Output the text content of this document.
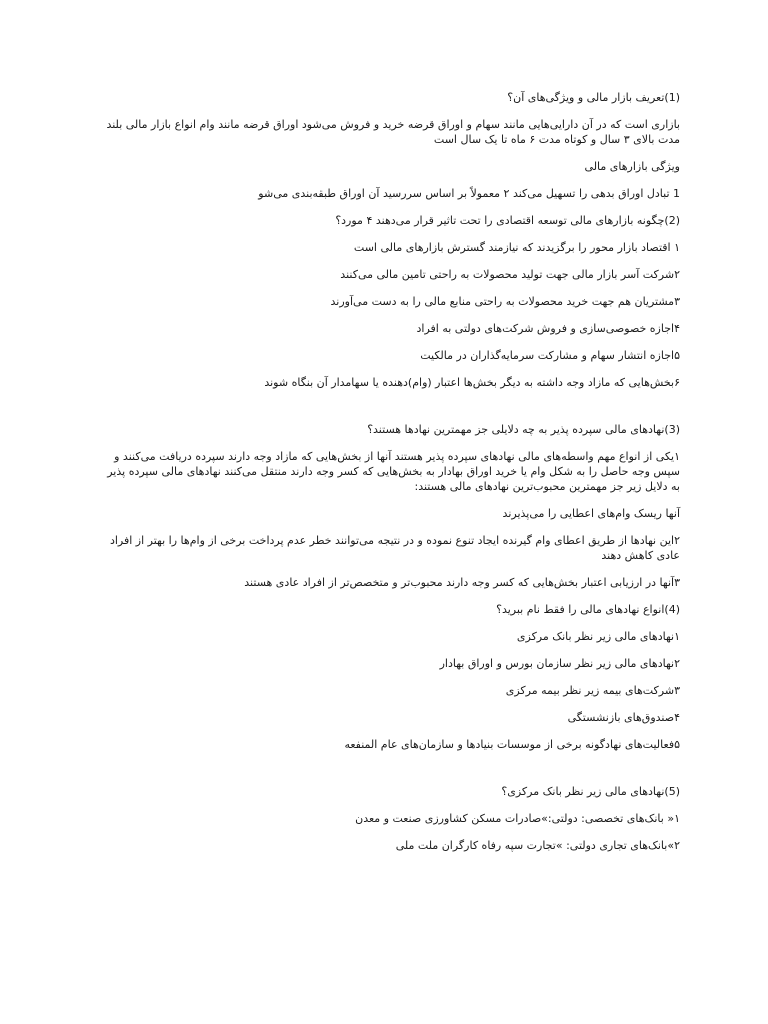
(1)تعریف بازار مالی و ویژگی‌های آن؟

بازاری است که در آن دارایی‌هایی مانند سهام و اوراق قرضه خرید و فروش می‌شود اوراق قرضه مانند وام انواع بازار مالی بلند مدت بالای ۳ سال و کوتاه مدت ۶ ماه تا یک سال است

ویژگی بازارهای مالی

1 تبادل اوراق بدهی را تسهیل می‌کند ۲ معمولاً بر اساس سررسید آن اوراق طبقه‌بندی می‌شو

(2)چگونه بازارهای مالی توسعه اقتصادی را تحت تاثیر قرار می‌دهند ۴ مورد؟

۱ اقتصاد بازار محور را برگزیدند که نیازمند گسترش بازارهای مالی است

۲شرکت آسر بازار مالی جهت تولید محصولات به راحتی تامین مالی می‌کنند

۳مشتریان هم جهت خرید محصولات به راحتی منابع مالی را به دست می‌آورند

۴اجازه خصوصی‌سازی و فروش شرکت‌های دولتی به افراد

۵اجازه انتشار سهام و مشارکت سرمایه‌گذاران در مالکیت

۶بخش‌هایی که مازاد وجه داشته به دیگر بخش‌ها اعتبار (وام)دهنده یا سهامدار آن بنگاه شوند

(3)نهادهای مالی سپرده پذیر به چه دلایلی جز مهمترین نهادها هستند؟

۱یکی از انواع مهم واسطه‌های مالی نهادهای سپرده پذیر هستند آنها از بخش‌هایی که مازاد وجه دارند سپرده دریافت می‌کنند و سپس وجه حاصل را به شکل وام یا خرید اوراق بهادار به بخش‌هایی که کسر وجه دارند منتقل می‌کنند نهادهای مالی سپرده پذیر به دلایل زیر جز مهمترین محبوب‌ترین نهادهای مالی هستند:

آنها ریسک وام‌های اعطایی را می‌پذیرند

۲این نهادها از طریق اعطای وام گیرنده ایجاد تنوع نموده و در نتیجه می‌توانند خطر عدم پرداخت برخی از وام‌ها را بهتر از افراد عادی کاهش دهند

۳آنها در ارزیابی اعتبار بخش‌هایی که کسر وجه دارند محبوب‌تر و متخصص‌تر از افراد عادی هستند

(4)انواع نهادهای مالی را فقط نام ببرید؟

۱نهادهای مالی زیر نظر بانک مرکزی

۲نهادهای مالی زیر نظر سازمان بورس و اوراق بهادار

۳شرکت‌های بیمه زیر نظر بیمه مرکزی

۴صندوق‌های بازنشستگی

۵فعالیت‌های نهادگونه برخی از موسسات بنیادها و سازمان‌های عام المنفعه

(5)نهادهای مالی زیر نظر بانک مرکزی؟

۱« بانک‌های تخصصی: دولتی:»صادرات مسکن کشاورزی صنعت و معدن

۲»بانک‌های تجاری دولتی: »تجارت سپه رفاه کارگران ملت ملی
